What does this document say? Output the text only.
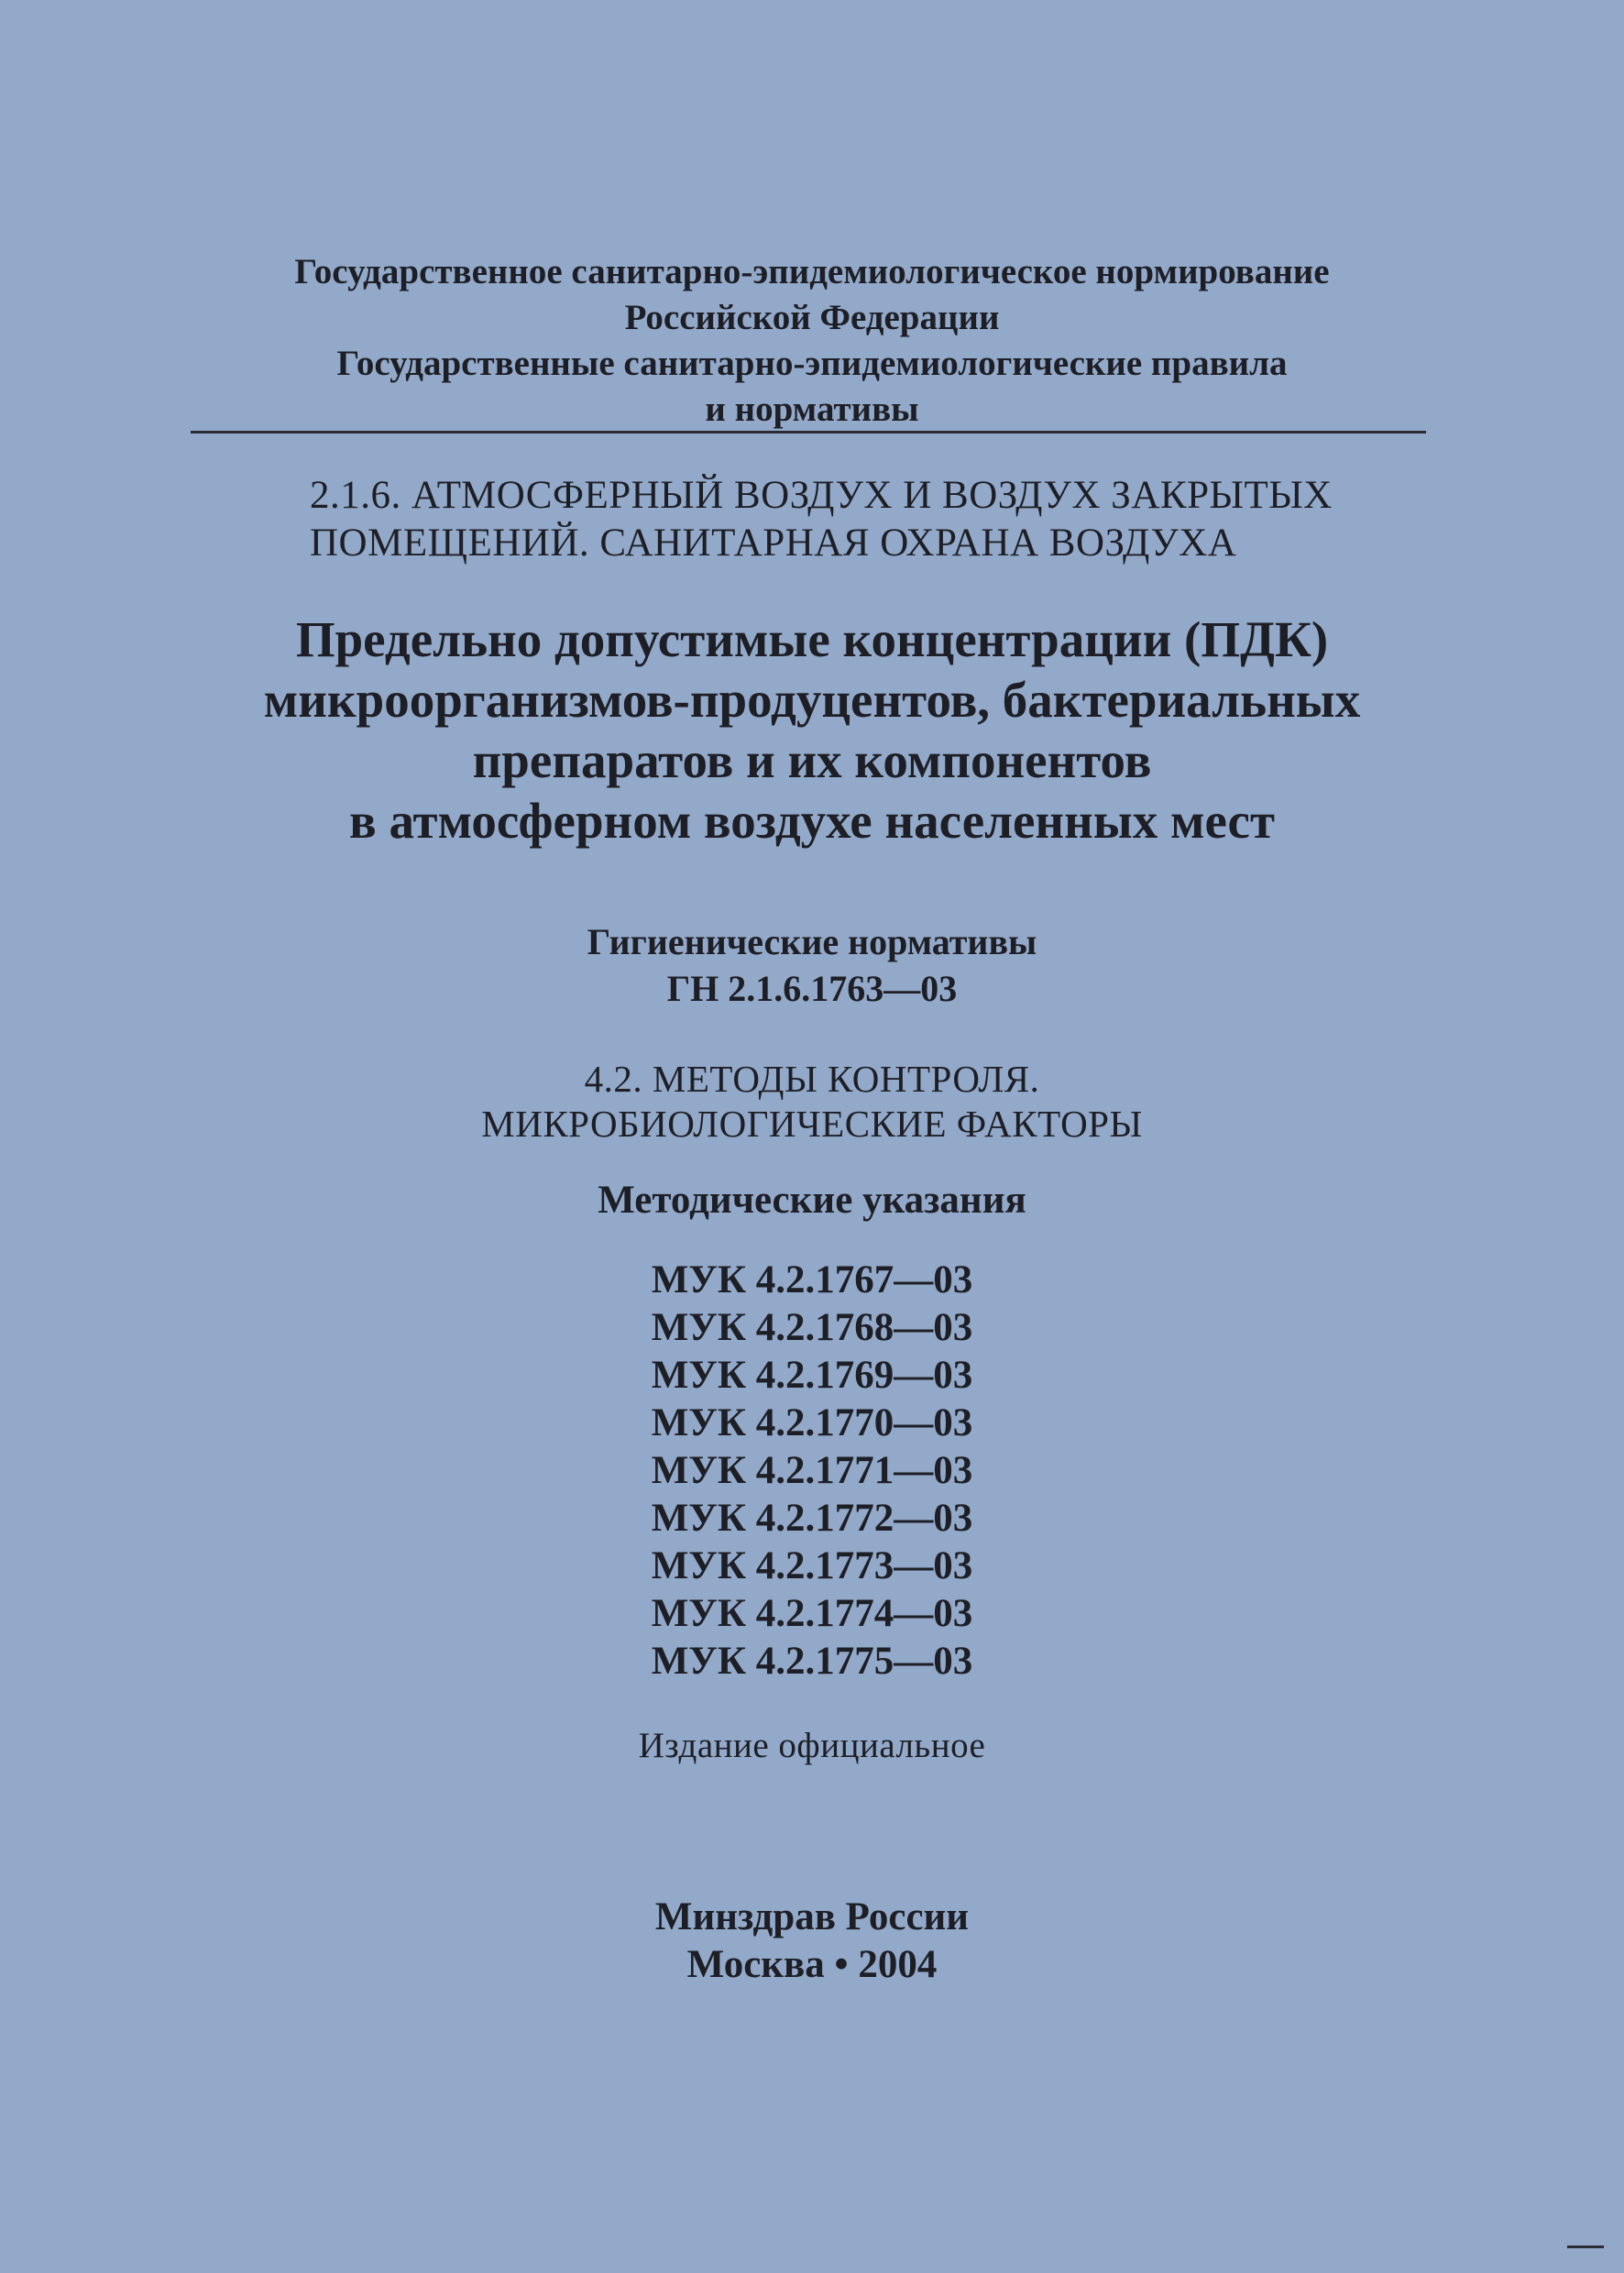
Государственное санитарно-эпидемиологическое нормирование
Российской Федерации
Государственные санитарно-эпидемиологические правила
и нормативы
2.1.6. АТМОСФЕРНЫЙ ВОЗДУХ И ВОЗДУХ ЗАКРЫТЫХ
ПОМЕЩЕНИЙ. САНИТАРНАЯ ОХРАНА ВОЗДУХА
Предельно допустимые концентрации (ПДК)
микроорганизмов-продуцентов, бактериальных
препаратов и их компонентов
в атмосферном воздухе населенных мест
Гигиенические нормативы
ГН 2.1.6.1763—03
4.2. МЕТОДЫ КОНТРОЛЯ.
МИКРОБИОЛОГИЧЕСКИЕ ФАКТОРЫ
Методические указания
МУК 4.2.1767—03
МУК 4.2.1768—03
МУК 4.2.1769—03
МУК 4.2.1770—03
МУК 4.2.1771—03
МУК 4.2.1772—03
МУК 4.2.1773—03
МУК 4.2.1774—03
МУК 4.2.1775—03
Издание официальное
Минздрав России
Москва • 2004
